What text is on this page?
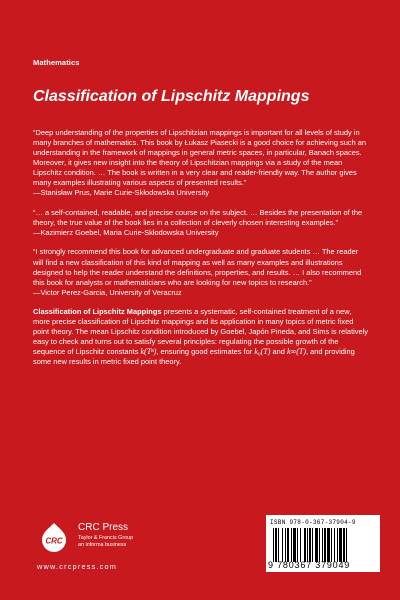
Mathematics
Classification of Lipschitz Mappings

“Deep understanding of the properties of Lipschitzian mappings is important for all levels of study in many branches of mathematics. This book by Łukasz Piasecki is a good choice for achieving such an understanding in the framework of mappings in general metric spaces, in particular, Banach spaces. Moreover, it gives new insight into the theory of Lipschitzian mappings via a study of the mean Lipschitz condition. … The book is written in a very clear and reader-friendly way. The author gives many examples illustrating various aspects of presented results.”

—Stanisław Prus, Marie Curie-Skłodowska University

“… a self-contained, readable, and precise course on the subject. … Besides the presentation of the theory, the true value of the book lies in a collection of cleverly chosen interesting examples.”

—Kazimierz Goebel, Maria Curie-Skłodowska University

“I strongly recommend this book for advanced undergraduate and graduate students … The reader will find a new classification of this kind of mapping as well as many examples and illustrations designed to help the reader understand the definitions, properties, and results. … I also recommend this book for analysts or mathematicians who are looking for new topics to research.”

—Victor Perez-Garcia, University of Veracruz

Classification of Lipschitz Mappings presents a systematic, self-contained treatment of a new, more precise classification of Lipschitz mappings and its application in many topics of metric fixed point theory. The mean Lipschitz condition introduced by Goebel, Japón Pineda, and Sims is relatively easy to check and turns out to satisfy several principles: regulating the possible growth of the sequence of Lipschitz constants k(Tⁿ), ensuring good estimates for k₀(T) and k∞(T), and providing some new results in metric fixed point theory.

CRC
CRC Press
Taylor & Francis Group
an informa business
www.crcpress.com
ISBN 978-0-367-37904-9
9 780367 379049
